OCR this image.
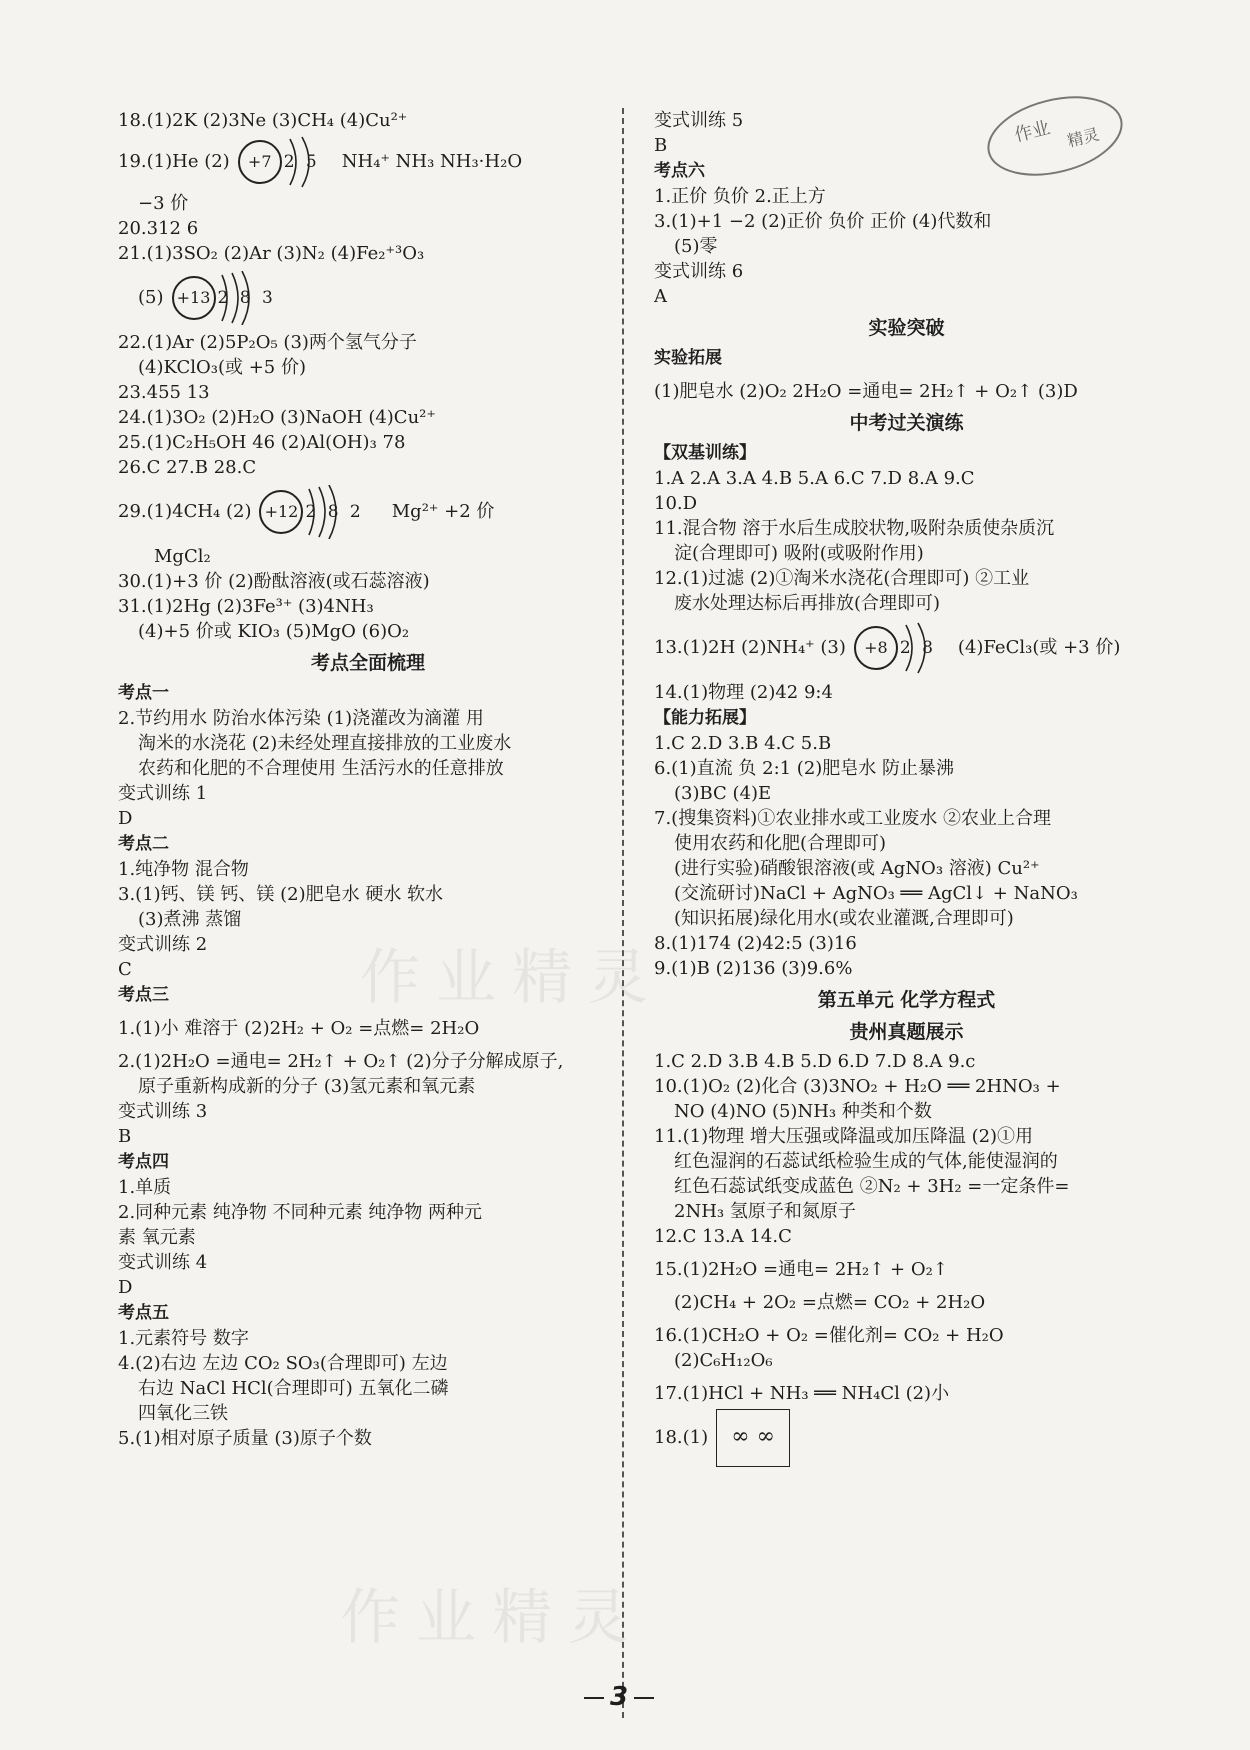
作业 精灵
作业精灵
作业精灵
18.(1)2K (2)3Ne (3)CH₄ (4)Cu²⁺
19.(1)He (2)	+7 2 5 NH₄⁺ NH₃ NH₃·H₂O
−3 价
20.312 6
21.(1)3SO₂ (2)Ar (3)N₂ (4)Fe₂⁺³O₃
(5) +13 2 8 3
22.(1)Ar (2)5P₂O₅ (3)两个氢气分子
(4)KClO₃(或 +5 价)
23.455 13
24.(1)3O₂ (2)H₂O (3)NaOH (4)Cu²⁺
25.(1)C₂H₅OH 46 (2)Al(OH)₃ 78
26.C 27.B 28.C
29.(1)4CH₄ (2) +12 2 8 2 Mg²⁺ +2 价
MgCl₂
30.(1)+3 价 (2)酚酞溶液(或石蕊溶液)
31.(1)2Hg (2)3Fe³⁺ (3)4NH₃
(4)+5 价或 KIO₃ (5)MgO (6)O₂
考点全面梳理
考点一
2.节约用水 防治水体污染 (1)浇灌改为滴灌 用
淘米的水浇花 (2)未经处理直接排放的工业废水
农药和化肥的不合理使用 生活污水的任意排放
变式训练 1
D
考点二
1.纯净物 混合物
3.(1)钙、镁 钙、镁 (2)肥皂水 硬水 软水
(3)煮沸 蒸馏
变式训练 2
C
考点三
1.(1)小 难溶于 (2)2H₂ + O₂ =点燃= 2H₂O
2.(1)2H₂O =通电= 2H₂↑ + O₂↑ (2)分子分解成原子,
原子重新构成新的分子 (3)氢元素和氧元素
变式训练 3
B
考点四
1.单质
2.同种元素 纯净物 不同种元素 纯净物 两种元
素 氧元素
变式训练 4
D
考点五
1.元素符号 数字
4.(2)右边 左边 CO₂ SO₃(合理即可) 左边
右边 NaCl HCl(合理即可) 五氧化二磷
四氧化三铁
5.(1)相对原子质量 (3)原子个数
变式训练 5
B
考点六
1.正价 负价 2.正上方
3.(1)+1 −2 (2)正价 负价 正价 (4)代数和
(5)零
变式训练 6
A
实验突破
实验拓展
(1)肥皂水 (2)O₂ 2H₂O =通电= 2H₂↑ + O₂↑ (3)D
中考过关演练
【双基训练】
1.A 2.A 3.A 4.B 5.A 6.C 7.D 8.A 9.C
10.D
11.混合物 溶于水后生成胶状物,吸附杂质使杂质沉
淀(合理即可) 吸附(或吸附作用)
12.(1)过滤 (2)①淘米水浇花(合理即可) ②工业
废水处理达标后再排放(合理即可)
13.(1)2H (2)NH₄⁺ (3)	+8 2 8 (4)FeCl₃(或 +3 价)
14.(1)物理 (2)42 9:4
【能力拓展】
1.C 2.D 3.B 4.C 5.B
6.(1)直流 负 2:1 (2)肥皂水 防止暴沸
(3)BC (4)E
7.(搜集资料)①农业排水或工业废水 ②农业上合理
使用农药和化肥(合理即可)
(进行实验)硝酸银溶液(或 AgNO₃ 溶液) Cu²⁺
(交流研讨)NaCl + AgNO₃ ══ AgCl↓ + NaNO₃
(知识拓展)绿化用水(或农业灌溉,合理即可)
8.(1)174 (2)42:5 (3)16
9.(1)B (2)136 (3)9.6%
第五单元 化学方程式
贵州真题展示
1.C 2.D 3.B 4.B 5.D 6.D 7.D 8.A 9.c
10.(1)O₂ (2)化合 (3)3NO₂ + H₂O ══ 2HNO₃ +
NO (4)NO (5)NH₃ 种类和个数
11.(1)物理 增大压强或降温或加压降温 (2)①用
红色湿润的石蕊试纸检验生成的气体,能使湿润的
红色石蕊试纸变成蓝色 ②N₂ + 3H₂ =一定条件=
2NH₃ 氢原子和氮原子
12.C 13.A 14.C
15.(1)2H₂O =通电= 2H₂↑ + O₂↑
(2)CH₄ + 2O₂ =点燃= CO₂ + 2H₂O
16.(1)CH₂O + O₂ =催化剂= CO₂ + H₂O
(2)C₆H₁₂O₆
17.(1)HCl + NH₃ ══ NH₄Cl (2)小
18.(1) ∞ ∞
3
